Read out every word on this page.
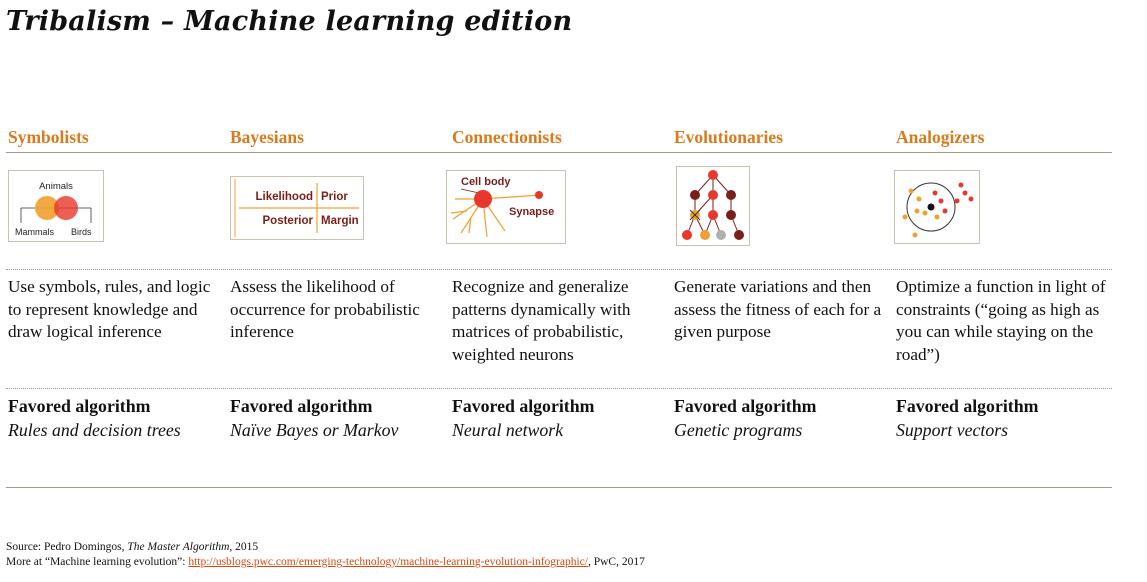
Tribalism – Machine learning edition
Symbolists
Animals
Mammals Birds
Use symbols, rules, and logic to represent knowledge and draw logical inference
Favored algorithm
Rules and decision trees
Bayesians
Likelihood Prior
Posterior Margin
Assess the likelihood of occurrence for probabilistic inference
Favored algorithm
Naïve Bayes or Markov
Connectionists
Cell body
Synapse
Recognize and generalize patterns dynamically with matrices of probabilistic, weighted neurons
Favored algorithm
Neural network
Evolutionaries
Generate variations and then assess the fitness of each for a given purpose
Favored algorithm
Genetic programs
Analogizers
Optimize a function in light of constraints (“going as high as you can while staying on the road”)
Favored algorithm
Support vectors
Source: Pedro Domingos, The Master Algorithm, 2015
More at “Machine learning evolution”: http://usblogs.pwc.com/emerging-technology/machine-learning-evolution-infographic/, PwC, 2017
